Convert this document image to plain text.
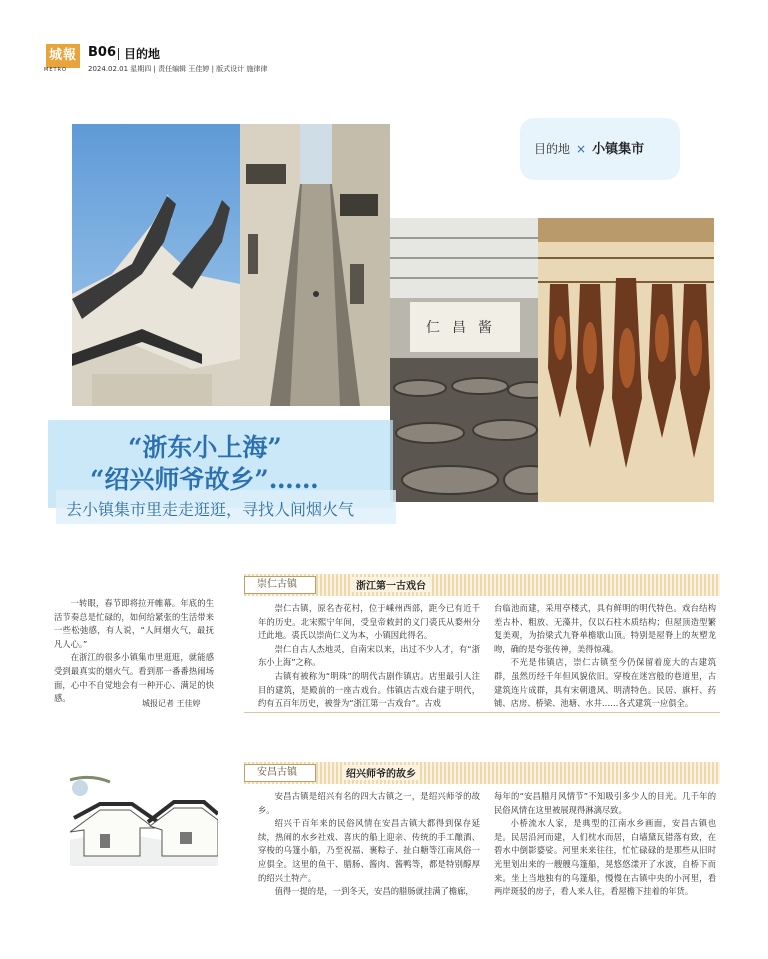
城報
METRO
B06 目的地
2024.02.01 星期四 | 责任编辑 王佳婷 | 版式设计 施律律
仁 昌 酱
目的地 × 小镇集市
“浙东小上海”
“绍兴师爷故乡”……
去小镇集市里走走逛逛，寻找人间烟火气

一转眼，春节即将拉开帷幕。年底的生活节奏总是忙碌的，如何给紧张的生活带来一些松弛感，有人说，“人间烟火气，最抚凡人心。”

在浙江的很多小镇集市里逛逛，就能感受到最真实的烟火气。看到那一番番热闹场面，心中不自觉地会有一种开心、满足的快感。

城报记者 王佳婷
崇仁古镇	浙江第一古戏台

崇仁古镇，原名杏花村，位于嵊州西部，距今已有近千年的历史。北宋熙宁年间，受皇帝敕封的义门裘氏从婺州分迁此地。裘氏以崇尚仁义为本，小镇因此得名。

崇仁自古人杰地灵，自南宋以来，出过不少人才，有“浙东小上海”之称。

古镇有被称为“明珠”的明代古剧作镇店。店里最引人注目的建筑，是殿前的一座古戏台。伟镇店古戏台建于明代，约有五百年历史，被誉为“浙江第一古戏台”。古戏

台临池而建，采用亭楼式，具有鲜明的明代特色。戏台结构差古朴、粗放、无藻井，仅以石柱木质结构；但屋顶造型繁复美观，为抬梁式九脊单檐歇山顶。特别是屋脊上的灰塑龙吻，确的是夸张传神，美得惊魂。

不光是伟镇店，崇仁古镇至今仍保留着庞大的古建筑群，虽然历经千年但风貌依旧。穿梭在迷宫般的巷道里，古建筑连片成群，具有宋朝遗风、明清特色。民居、旗杆、药铺、店房、桥梁、池塘、水井……各式建筑一应俱全。

安昌古镇	绍兴师爷的故乡

安昌古镇是绍兴有名的四大古镇之一，是绍兴师爷的故乡。

绍兴千百年来的民俗风情在安昌古镇大都得到保存延续，热闹的水乡社戏、喜庆的船上迎亲、传统的手工酿酒、穿梭的乌篷小船，乃至祝福、裹粽子、扯白糖等江南风俗一应俱全。这里的鱼干、腊肠、酱肉、酱鸭等，都是特别醇厚的绍兴土特产。

值得一提的是，一到冬天，安昌的腊肠就挂满了檐廊，

每年的“安昌腊月风情节”不知吸引多少人的目光。几千年的民俗风情在这里被展现得淋漓尽致。

小桥流水人家，是典型的江南水乡画面，安昌古镇也是。民居沿河而建，人们枕水而居，白墙黛瓦错落有致，在碧水中倒影婆娑。河里来来往往，忙忙碌碌的是那些从旧时光里划出来的一艘艘乌篷船，晃悠悠漾开了水波，自桥下而来。坐上当地独有的乌篷船，慢慢在古镇中央的小河里，看两岸斑驳的房子，看人来人往，看屋檐下挂着的年货。
